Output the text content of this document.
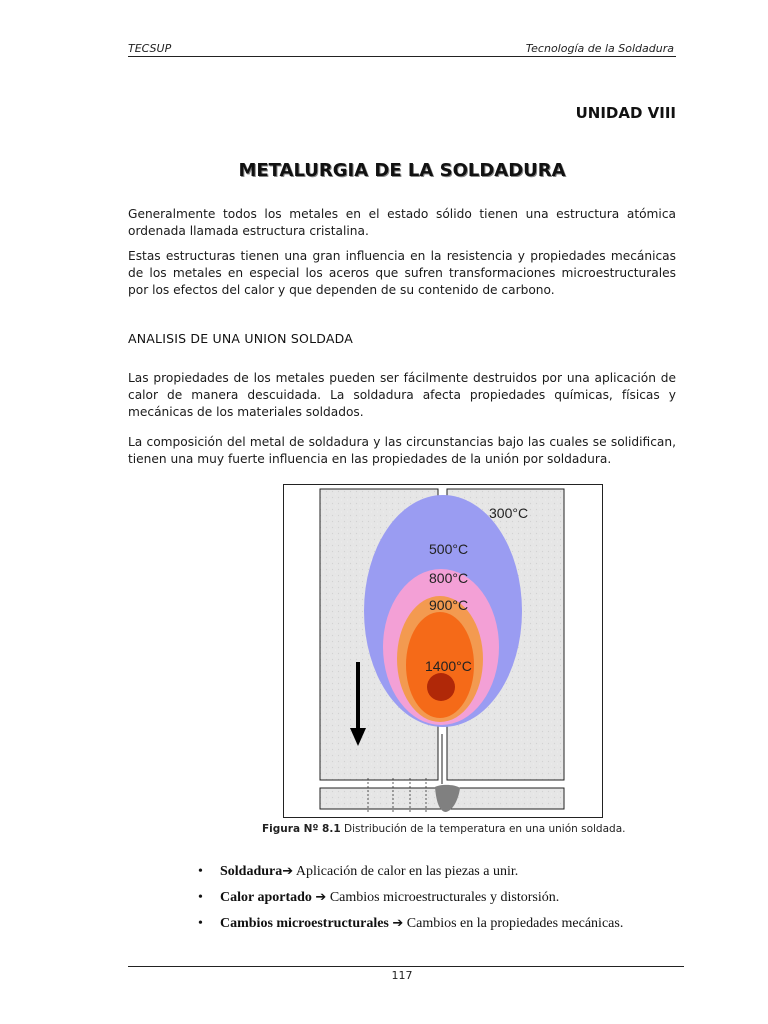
TECSUP	Tecnología de la Soldadura
UNIDAD VIII
METALURGIA DE LA SOLDADURA
Generalmente todos los metales en el estado sólido tienen una estructura atómica ordenada llamada estructura cristalina.
Estas estructuras tienen una gran influencia en la resistencia y propiedades mecánicas de los metales en especial los aceros que sufren transformaciones microestructurales por los efectos del calor y que dependen de su contenido de carbono.
ANALISIS DE UNA UNION SOLDADA
Las propiedades de los metales pueden ser fácilmente destruidos por una aplicación de calor de manera descuidada. La soldadura afecta propiedades químicas, físicas y mecánicas de los materiales soldados.
La composición del metal de soldadura y las circunstancias bajo las cuales se solidifican, tienen una muy fuerte influencia en las propiedades de la unión por soldadura.
300°C
500°C
800°C
900°C
1400°C
Figura Nº 8.1 Distribución de la temperatura en una unión soldada.
• Soldadura➔ Aplicación de calor en las piezas a unir.
• Calor aportado ➔ Cambios microestructurales y distorsión.
• Cambios microestructurales ➔ Cambios en la propiedades mecánicas.
117
